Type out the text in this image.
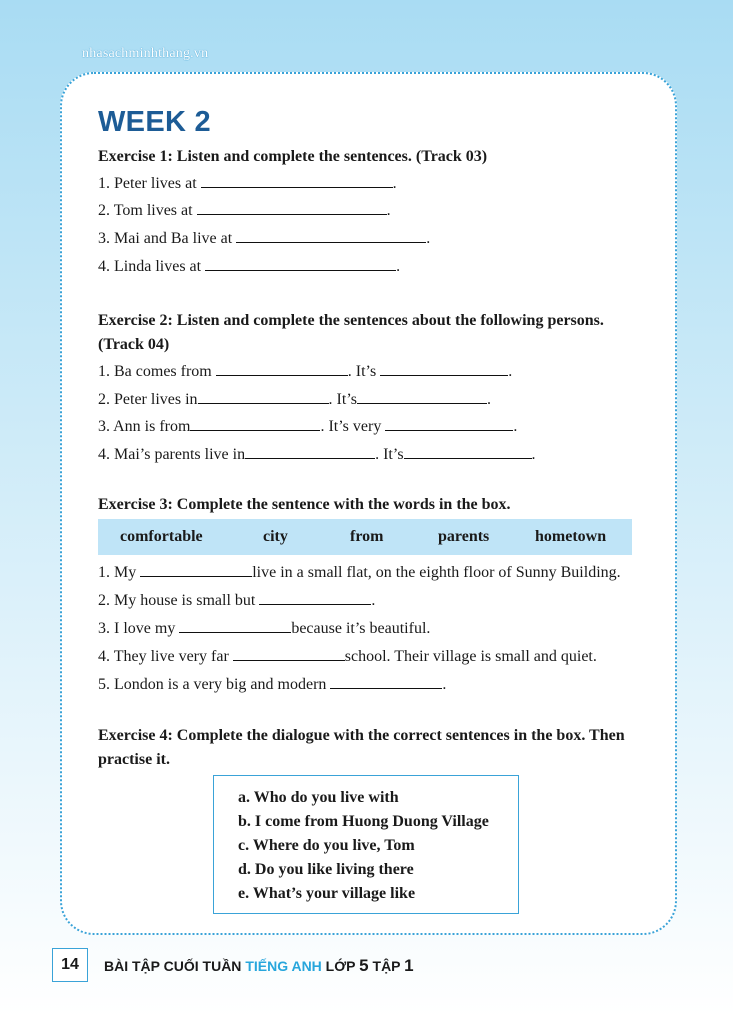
nhasachminhthang.vn
WEEK 2
Exercise 1: Listen and complete the sentences. (Track 03)
1. Peter lives at	.
2. Tom lives at	.
3. Mai and Ba live at	.
4. Linda lives at	.
Exercise 2: Listen and complete the sentences about the following persons.
(Track 04)
1. Ba comes from	. It’s	.
2. Peter lives in	. It’s	.
3. Ann is from	. It’s very	.
4. Mai’s parents live in	. It’s	.
Exercise 3: Complete the sentence with the words in the box.
comfortable	city	from	parents	hometown
1. My	live in a small flat, on the eighth floor of Sunny Building.
2. My house is small but	.
3. I love my	because it’s beautiful.
4. They live very far	school. Their village is small and quiet.
5. London is a very big and modern	.
Exercise 4: Complete the dialogue with the correct sentences in the box. Then
practise it.
a. Who do you live with
b. I come from Huong Duong Village
c. Where do you live, Tom
d. Do you like living there
e. What’s your village like
14	BÀI TẬP CUỐI TUẦN TIẾNG ANH LỚP 5 TẬP 1
